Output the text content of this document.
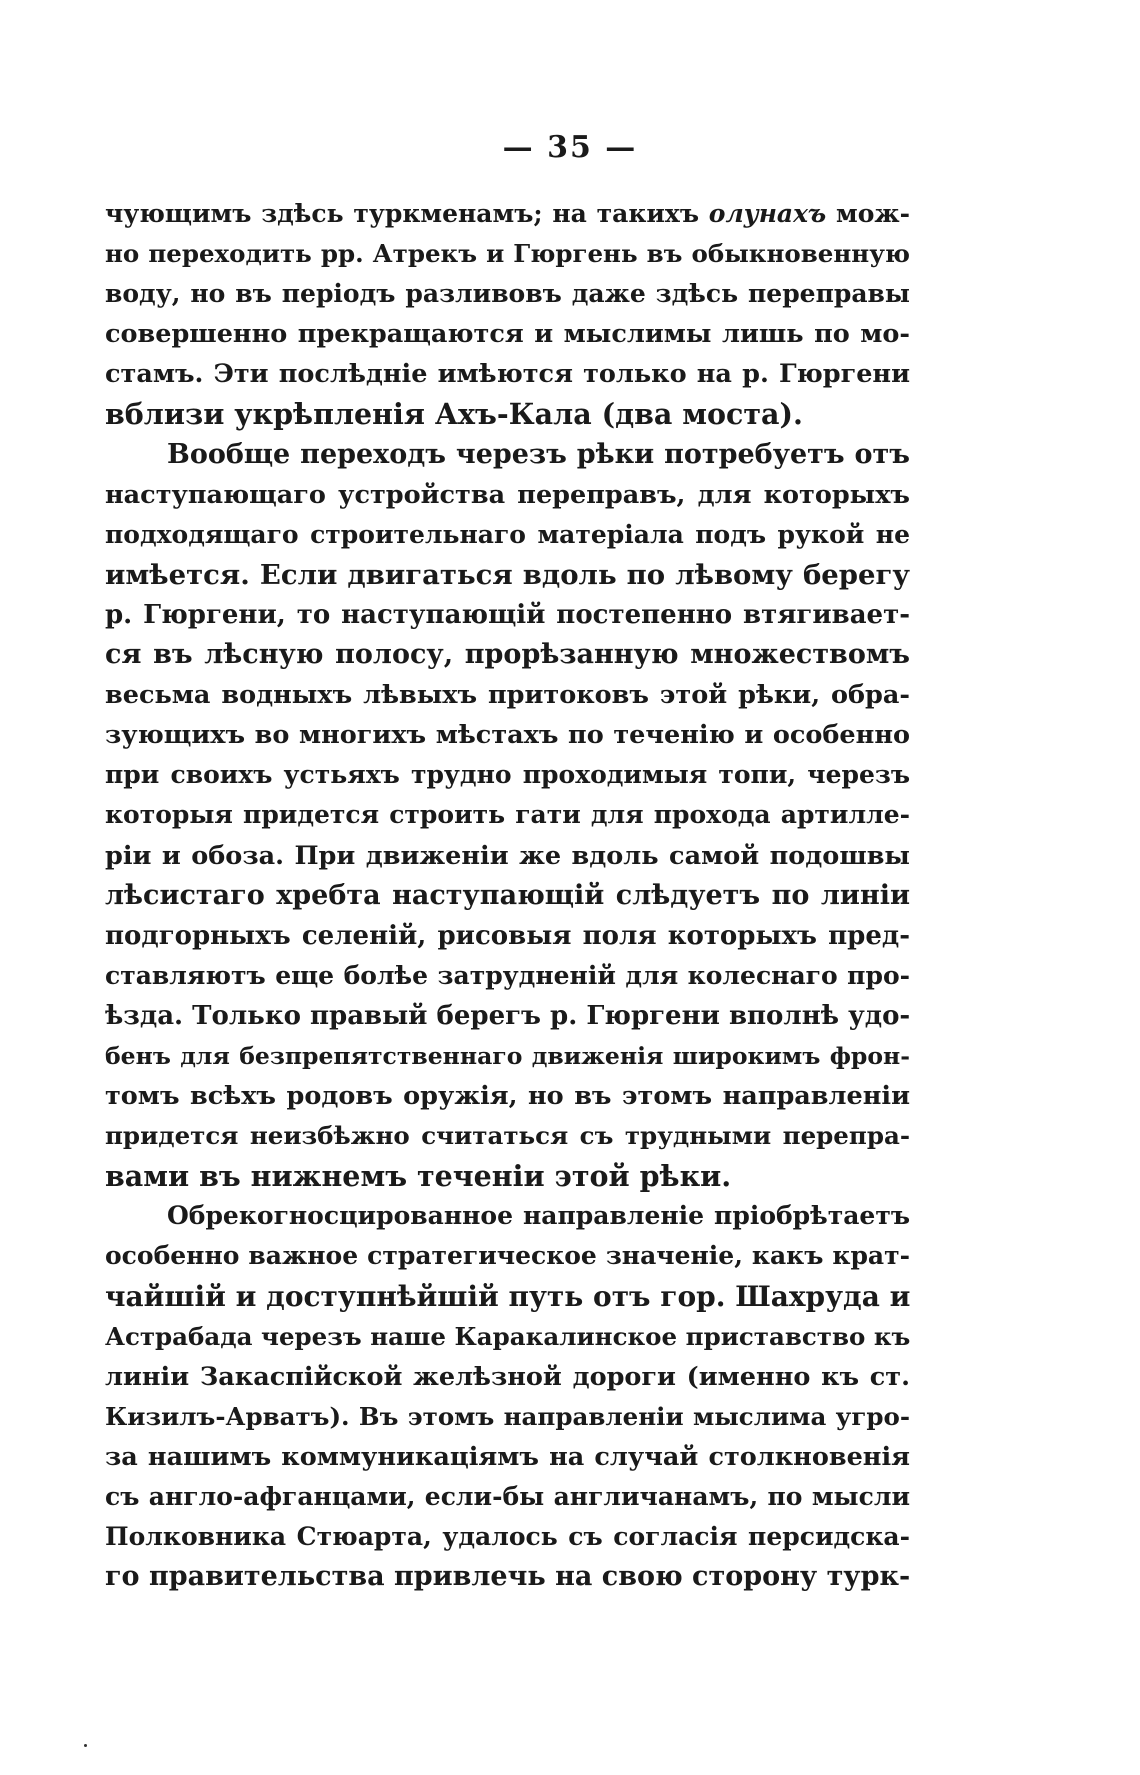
— 35 —
чующимъ здѣсь туркменамъ; на такихъ олунахъ мож-
но переходить рр. Атрекъ и Гюргень въ обыкновенную
воду, но въ періодъ разливовъ даже здѣсь переправы
совершенно прекращаются и мыслимы лишь по мо-
стамъ. Эти послѣдніе имѣются только на р. Гюргени
вблизи укрѣпленія Ахъ-Кала (два моста).
Вообще переходъ черезъ рѣки потребуетъ отъ
наступающаго устройства переправъ, для которыхъ
подходящаго строительнаго матеріала подъ рукой не
имѣется. Если двигаться вдоль по лѣвому берегу
р. Гюргени, то наступающій постепенно втягивает-
ся въ лѣсную полосу, прорѣзанную множествомъ
весьма водныхъ лѣвыхъ притоковъ этой рѣки, обра-
зующихъ во многихъ мѣстахъ по теченію и особенно
при своихъ устьяхъ трудно проходимыя топи, черезъ
которыя придется строить гати для прохода артилле-
ріи и обоза. При движеніи же вдоль самой подошвы
лѣсистаго хребта наступающій слѣдуетъ по линіи
подгорныхъ селеній, рисовыя поля которыхъ пред-
ставляютъ еще болѣе затрудненій для колеснаго про-
ѣзда. Только правый берегъ р. Гюргени вполнѣ удо-
бенъ для безпрепятственнаго движенія широкимъ фрон-
томъ всѣхъ родовъ оружія, но въ этомъ направленіи
придется неизбѣжно считаться съ трудными перепра-
вами въ нижнемъ теченіи этой рѣки.
Обрекогносцированное направленіе пріобрѣтаетъ
особенно важное стратегическое значеніе, какъ крат-
чайшій и доступнѣйшій путь отъ гор. Шахруда и
Астрабада черезъ наше Каракалинское приставство къ
линіи Закаспійской желѣзной дороги (именно къ ст.
Кизилъ-Арватъ). Въ этомъ направленіи мыслима угро-
за нашимъ коммуникаціямъ на случай столкновенія
съ англо-афганцами, если-бы англичанамъ, по мысли
Полковника Стюарта, удалось съ согласія персидска-
го правительства привлечь на свою сторону турк-
